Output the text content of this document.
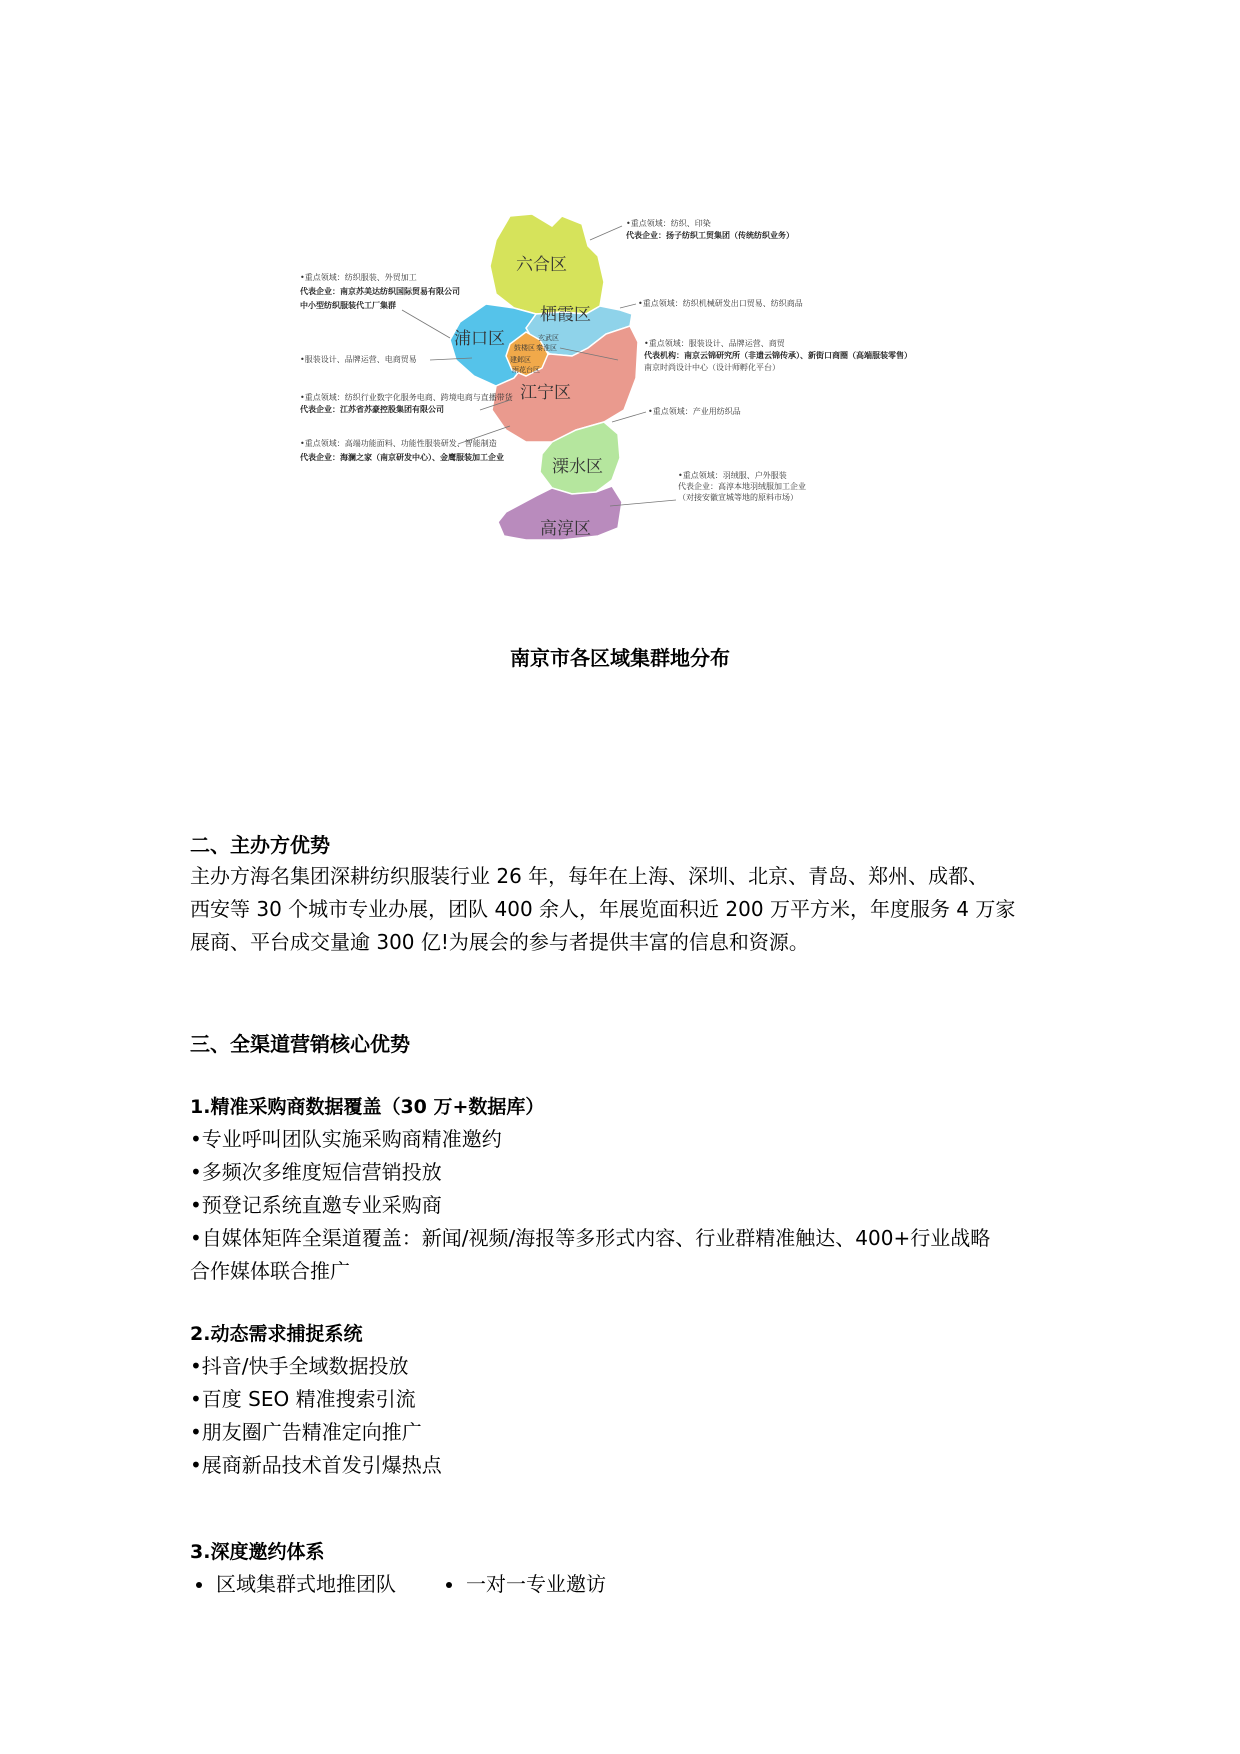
六合区
栖霞区
浦口区
江宁区
溧水区
高淳区
鼓楼区
玄武区
秦淮区
建邺区
雨花台区
•重点领域：纺织、印染
代表企业：扬子纺织工贸集团（传统纺织业务）
•重点领域：纺织服装、外贸加工
代表企业：南京苏美达纺织国际贸易有限公司
中小型纺织服装代工厂集群
•服装设计、品牌运营、电商贸易
•重点领域：纺织机械研发出口贸易、纺织商品
•重点领域：服装设计、品牌运营、商贸
代表机构：南京云锦研究所（非遗云锦传承）、新街口商圈（高端服装零售）
南京时尚设计中心（设计师孵化平台）
•重点领域：纺织行业数字化服务电商、跨境电商与直播带货
代表企业：江苏省苏豪控股集团有限公司
•重点领域：高端功能面料、功能性服装研发、智能制造
代表企业：海澜之家（南京研发中心）、金鹰服装加工企业
•重点领域：产业用纺织品
•重点领域：羽绒服、户外服装
代表企业：高淳本地羽绒服加工企业
（对接安徽宣城等地的原料市场）
南京市各区域集群地分布

二、主办方优势

主办方海名集团深耕纺织服装行业 26 年，每年在上海、深圳、北京、青岛、郑州、成都、

西安等 30 个城市专业办展，团队 400 余人，年展览面积近 200 万平方米，年度服务 4 万家

展商、平台成交量逾 300 亿!为展会的参与者提供丰富的信息和资源。

三、全渠道营销核心优势

1.精准采购商数据覆盖（30 万+数据库）

•专业呼叫团队实施采购商精准邀约

•多频次多维度短信营销投放

•预登记系统直邀专业采购商

•自媒体矩阵全渠道覆盖：新闻/视频/海报等多形式内容、行业群精准触达、400+行业战略

合作媒体联合推广

2.动态需求捕捉系统

•抖音/快手全域数据投放

•百度 SEO 精准搜索引流

•朋友圈广告精准定向推广

•展商新品技术首发引爆热点

3.深度邀约体系

区域集群式地推团队	一对一专业邀访
